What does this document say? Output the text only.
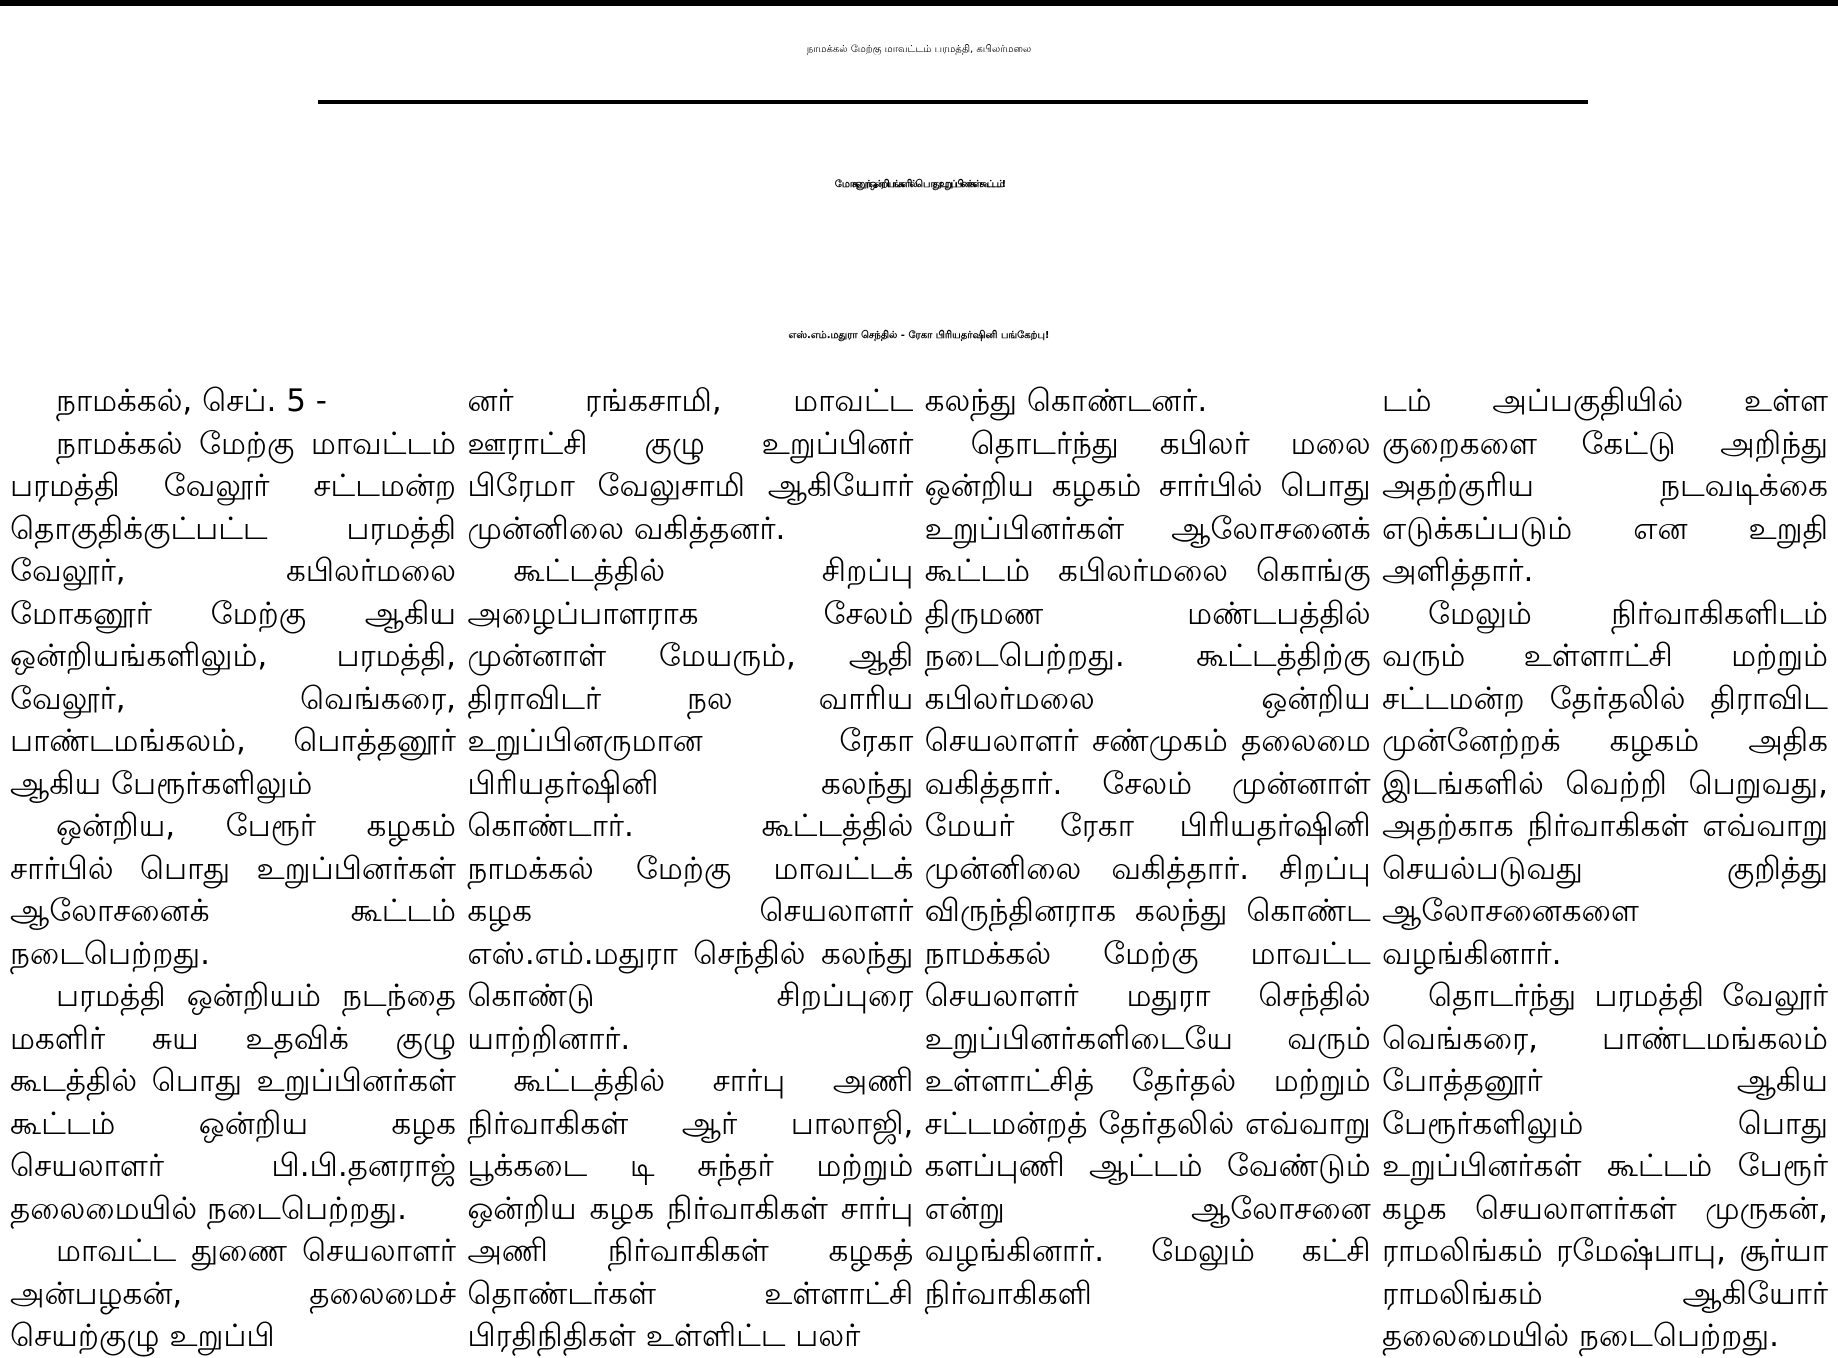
நாமக்கல் மேற்கு மாவட்டம் பரமத்தி, கபிலர்மலை
மோகனூர் ஒன்றியங்களில் பொது உறுப்பினர்கள் கூட்டம்!
எஸ்.எம்.மதுரா செந்தில் - ரேகா பிரியதர்ஷினி பங்கேற்பு!

நாமக்கல், செப். 5 -

நாமக்கல் மேற்கு மாவட்டம் பரமத்தி வேலூர் சட்டமன்ற தொகுதிக்குட்பட்ட பரமத்தி வேலூர், கபிலர்மலை மோகனூர் மேற்கு ஆகிய ஒன்றியங்களிலும், பரமத்தி, வேலூர், வெங்கரை, பாண்டமங்கலம், பொத்தனூர் ஆகிய பேரூர்களிலும்

ஒன்றிய, பேரூர் கழகம் சார்பில் பொது உறுப்பினர்கள் ஆலோசனைக் கூட்டம் நடைபெற்றது.

பரமத்தி ஒன்றியம் நடந்தை மகளிர் சுய உதவிக் குழு கூடத்தில் பொது உறுப்பினர்கள் கூட்டம் ஒன்றிய கழக செயலாளர் பி.பி.தனராஜ் தலைமையில் நடைபெற்றது.

மாவட்ட துணை செயலாளர் அன்பழகன், தலைமைச் செயற்குழு உறுப்பி

னர் ரங்கசாமி, மாவட்ட ஊராட்சி குழு உறுப்பினர் பிரேமா வேலுசாமி ஆகியோர் முன்னிலை வகித்தனர்.

கூட்டத்தில் சிறப்பு அழைப்பாளராக சேலம் முன்னாள் மேயரும், ஆதி திராவிடர் நல வாரிய உறுப்பினருமான ரேகா பிரியதர்ஷினி கலந்து கொண்டார். கூட்டத்தில் நாமக்கல் மேற்கு மாவட்டக் கழக செயலாளர் எஸ்.எம்.மதுரா செந்தில் கலந்து கொண்டு சிறப்புரை யாற்றினார்.

கூட்டத்தில் சார்பு அணி நிர்வாகிகள் ஆர் பாலாஜி, பூக்கடை டி சுந்தர் மற்றும் ஒன்றிய கழக நிர்வாகிகள் சார்பு அணி நிர்வாகிகள் கழகத் தொண்டர்கள் உள்ளாட்சி பிரதிநிதிகள் உள்ளிட்ட பலர்

கலந்து கொண்டனர்.

தொடர்ந்து கபிலர் மலை ஒன்றிய கழகம் சார்பில் பொது உறுப்பினர்கள் ஆலோசனைக் கூட்டம் கபிலர்மலை கொங்கு திருமண மண்டபத்தில் நடைபெற்றது. கூட்டத்திற்கு கபிலர்மலை ஒன்றிய செயலாளர் சண்முகம் தலைமை வகித்தார். சேலம் முன்னாள் மேயர் ரேகா பிரியதர்ஷினி முன்னிலை வகித்தார். சிறப்பு விருந்தினராக கலந்து கொண்ட நாமக்கல் மேற்கு மாவட்ட செயலாளர் மதுரா செந்தில் உறுப்பினர்களிடையே வரும் உள்ளாட்சித் தேர்தல் மற்றும் சட்டமன்றத் தேர்தலில் எவ்வாறு களப்புணி ஆட்டம் வேண்டும் என்று ஆலோசனை வழங்கினார். மேலும் கட்சி நிர்வாகிகளி

டம் அப்பகுதியில் உள்ள குறைகளை கேட்டு அறிந்து அதற்குரிய நடவடிக்கை எடுக்கப்படும் என உறுதி அளித்தார்.

மேலும் நிர்வாகிகளிடம் வரும் உள்ளாட்சி மற்றும் சட்டமன்ற தேர்தலில் திராவிட முன்னேற்றக் கழகம் அதிக இடங்களில் வெற்றி பெறுவது, அதற்காக நிர்வாகிகள் எவ்வாறு செயல்படுவது குறித்து ஆலோசனைகளை வழங்கினார்.

தொடர்ந்து பரமத்தி வேலூர் வெங்கரை, பாண்டமங்கலம் போத்தனூர் ஆகிய பேரூர்களிலும் பொது உறுப்பினர்கள் கூட்டம் பேரூர் கழக செயலாளர்கள் முருகன், ராமலிங்கம் ரமேஷ்பாபு, சூர்யா ராமலிங்கம் ஆகியோர் தலைமையில் நடைபெற்றது.
